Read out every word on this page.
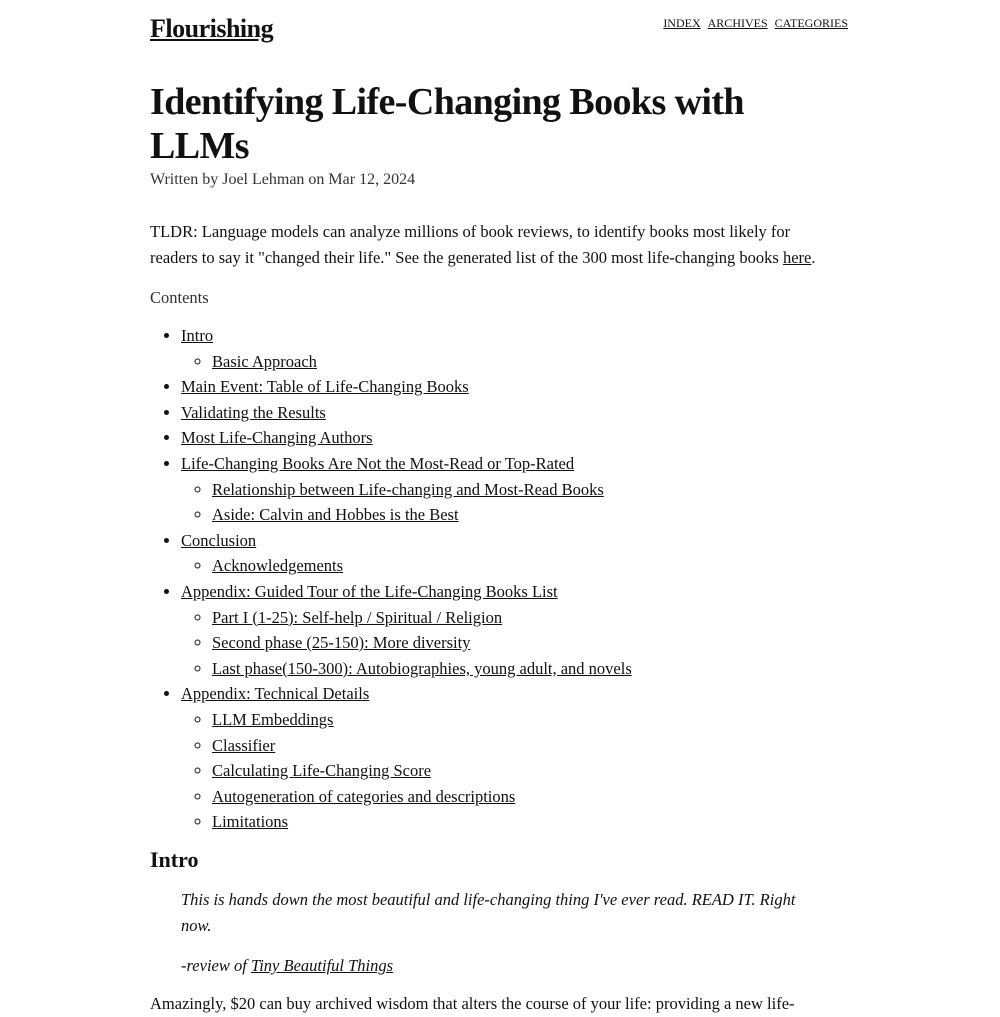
Flourishing	INDEX ARCHIVES CATEGORIES
Identifying Life-Changing Books with LLMs
Written by Joel Lehman on Mar 12, 2024

TLDR: Language models can analyze millions of book reviews, to identify books most likely for readers to say it "changed their life." See the generated list of the 300 most life-changing books here.

Contents
• Intro
◦ Basic Approach
• Main Event: Table of Life-Changing Books
• Validating the Results
• Most Life-Changing Authors
• Life-Changing Books Are Not the Most-Read or Top-Rated
◦ Relationship between Life-changing and Most-Read Books
◦ Aside: Calvin and Hobbes is the Best
• Conclusion
◦ Acknowledgements
• Appendix: Guided Tour of the Life-Changing Books List
◦ Part I (1-25): Self-help / Spiritual / Religion
◦ Second phase (25-150): More diversity
◦ Last phase(150-300): Autobiographies, young adult, and novels
• Appendix: Technical Details
◦ LLM Embeddings
◦ Classifier
◦ Calculating Life-Changing Score
◦ Autogeneration of categories and descriptions
◦ Limitations
Intro
This is hands down the most beautiful and life-changing thing I've ever read. READ IT. Right now.
-review of Tiny Beautiful Things
Amazingly, $20 can buy archived wisdom that alters the course of your life: providing a new life-
